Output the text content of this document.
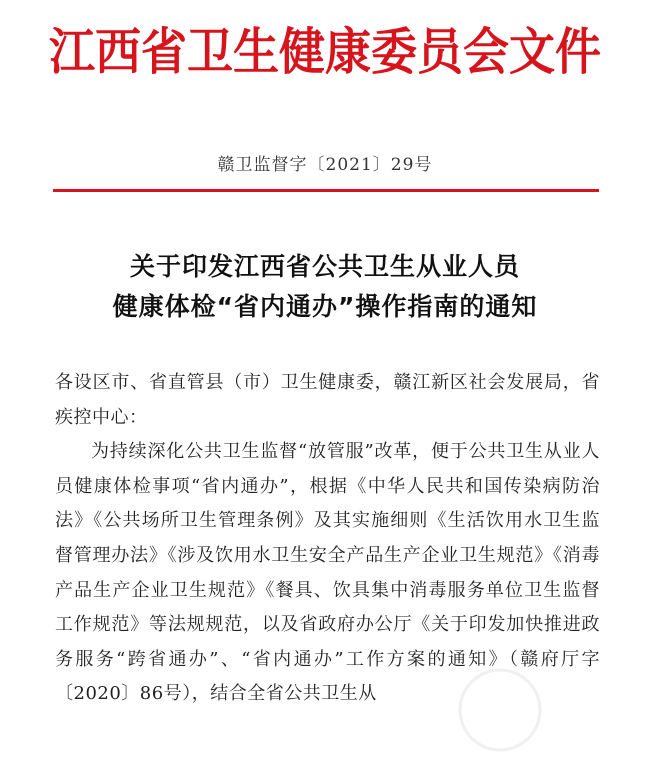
江西省卫生健康委员会文件
赣卫监督字〔2021〕29号
关于印发江西省公共卫生从业人员
健康体检“省内通办”操作指南的通知

各设区市、省直管县（市）卫生健康委，赣江新区社会发展局，省疾控中心：

为持续深化公共卫生监督“放管服”改革，便于公共卫生从业人员健康体检事项“省内通办”，根据《中华人民共和国传染病防治法》《公共场所卫生管理条例》及其实施细则《生活饮用水卫生监督管理办法》《涉及饮用水卫生安全产品生产企业卫生规范》《消毒产品生产企业卫生规范》《餐具、饮具集中消毒服务单位卫生监督工作规范》等法规规范，以及省政府办公厅《关于印发加快推进政务服务“跨省通办”、“省内通办”工作方案的通知》（赣府厅字〔2020〕86号），结合全省公共卫生从
